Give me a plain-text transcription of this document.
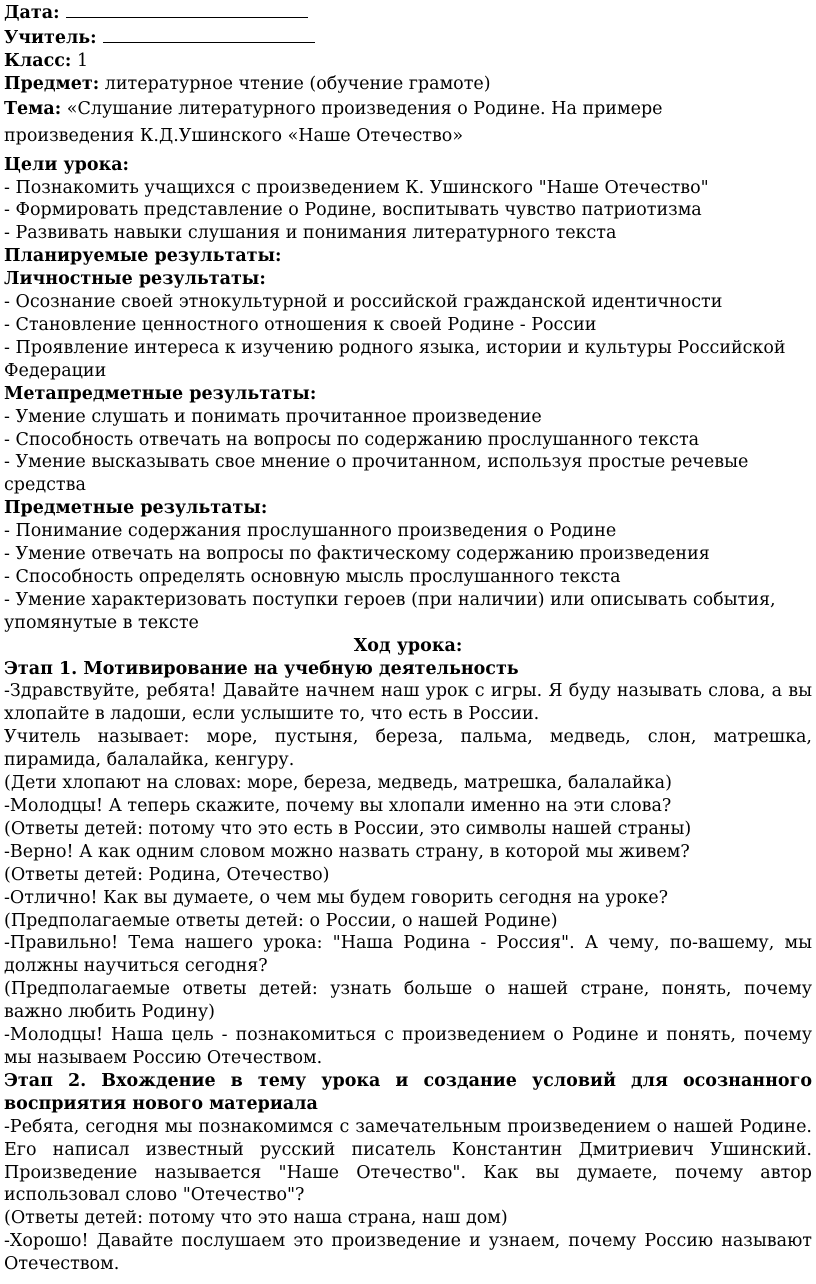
Дата:

Учитель:

Класс: 1

Предмет: литературное чтение (обучение грамоте)

Тема: «Слушание литературного произведения о Родине. На примере
произведения К.Д.Ушинского «Наше Отечество»

Цели урока:

- Познакомить учащихся с произведением К. Ушинского "Наше Отечество"

- Формировать представление о Родине, воспитывать чувство патриотизма

- Развивать навыки слушания и понимания литературного текста

Планируемые результаты:

Личностные результаты:

- Осознание своей этнокультурной и российской гражданской идентичности

- Становление ценностного отношения к своей Родине - России

- Проявление интереса к изучению родного языка, истории и культуры Российской Федерации

Метапредметные результаты:

- Умение слушать и понимать прочитанное произведение

- Способность отвечать на вопросы по содержанию прослушанного текста

- Умение высказывать свое мнение о прочитанном, используя простые речевые средства

Предметные результаты:

- Понимание содержания прослушанного произведения о Родине

- Умение отвечать на вопросы по фактическому содержанию произведения

- Способность определять основную мысль прослушанного текста

- Умение характеризовать поступки героев (при наличии) или описывать события, упомянутые в тексте

Ход урока:

Этап 1. Мотивирование на учебную деятельность

-Здравствуйте, ребята! Давайте начнем наш урок с игры. Я буду называть слова, а вы хлопайте в ладоши, если услышите то, что есть в России.

Учитель называет: море, пустыня, береза, пальма, медведь, слон, матрешка, пирамида, балалайка, кенгуру.

(Дети хлопают на словах: море, береза, медведь, матрешка, балалайка)

-Молодцы! А теперь скажите, почему вы хлопали именно на эти слова?

(Ответы детей: потому что это есть в России, это символы нашей страны)

-Верно! А как одним словом можно назвать страну, в которой мы живем?

(Ответы детей: Родина, Отечество)

-Отлично! Как вы думаете, о чем мы будем говорить сегодня на уроке?

(Предполагаемые ответы детей: о России, о нашей Родине)

-Правильно! Тема нашего урока: "Наша Родина - Россия". А чему, по-вашему, мы должны научиться сегодня?

(Предполагаемые ответы детей: узнать больше о нашей стране, понять, почему важно любить Родину)

-Молодцы! Наша цель - познакомиться с произведением о Родине и понять, почему мы называем Россию Отечеством.

Этап 2. Вхождение в тему урока и создание условий для осознанного восприятия нового материала

-Ребята, сегодня мы познакомимся с замечательным произведением о нашей Родине. Его написал известный русский писатель Константин Дмитриевич Ушинский. Произведение называется "Наше Отечество". Как вы думаете, почему автор использовал слово "Отечество"?

(Ответы детей: потому что это наша страна, наш дом)

-Хорошо! Давайте послушаем это произведение и узнаем, почему Россию называют Отечеством.
